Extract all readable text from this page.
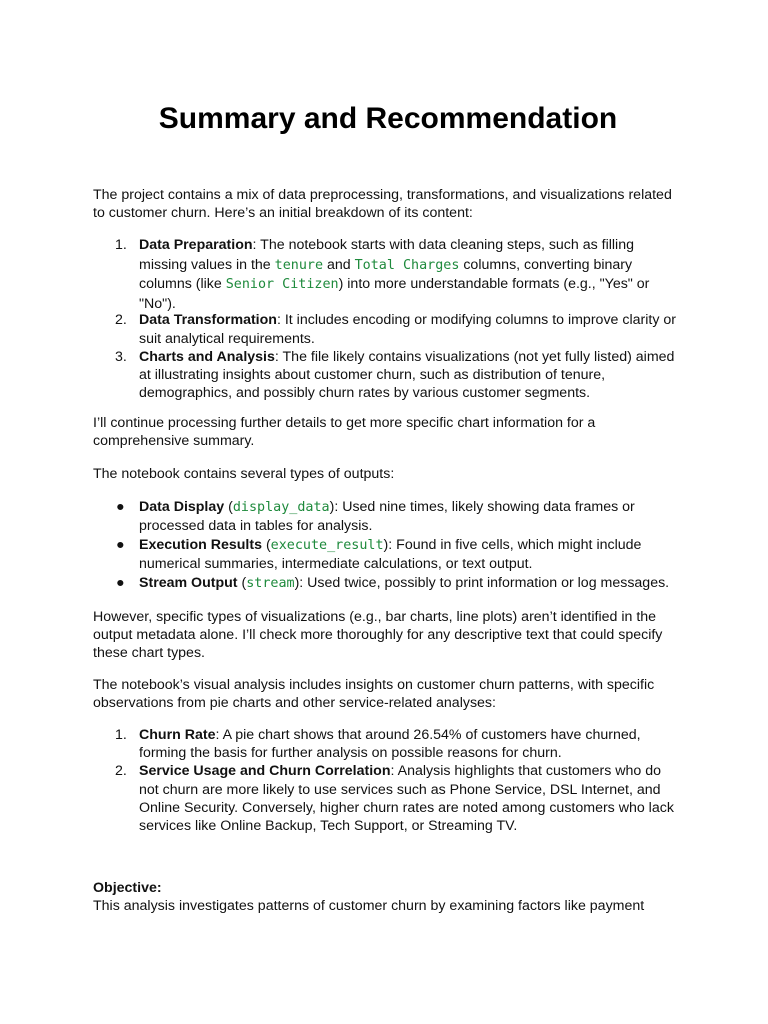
Summary and Recommendation

The project contains a mix of data preprocessing, transformations, and visualizations related to customer churn. Here’s an initial breakdown of its content:

1. Data Preparation: The notebook starts with data cleaning steps, such as filling missing values in the tenure and Total Charges columns, converting binary columns (like Senior Citizen) into more understandable formats (e.g., "Yes" or "No").
2. Data Transformation: It includes encoding or modifying columns to improve clarity or suit analytical requirements.
3. Charts and Analysis: The file likely contains visualizations (not yet fully listed) aimed at illustrating insights about customer churn, such as distribution of tenure, demographics, and possibly churn rates by various customer segments.

I’ll continue processing further details to get more specific chart information for a comprehensive summary.

The notebook contains several types of outputs:

● Data Display (display_data): Used nine times, likely showing data frames or processed data in tables for analysis.
● Execution Results (execute_result): Found in five cells, which might include numerical summaries, intermediate calculations, or text output.
● Stream Output (stream): Used twice, possibly to print information or log messages.

However, specific types of visualizations (e.g., bar charts, line plots) aren’t identified in the output metadata alone. I’ll check more thoroughly for any descriptive text that could specify these chart types.

The notebook’s visual analysis includes insights on customer churn patterns, with specific observations from pie charts and other service-related analyses:

1. Churn Rate: A pie chart shows that around 26.54% of customers have churned, forming the basis for further analysis on possible reasons for churn.
2. Service Usage and Churn Correlation: Analysis highlights that customers who do not churn are more likely to use services such as Phone Service, DSL Internet, and Online Security. Conversely, higher churn rates are noted among customers who lack services like Online Backup, Tech Support, or Streaming TV.

Objective:
This analysis investigates patterns of customer churn by examining factors like payment
